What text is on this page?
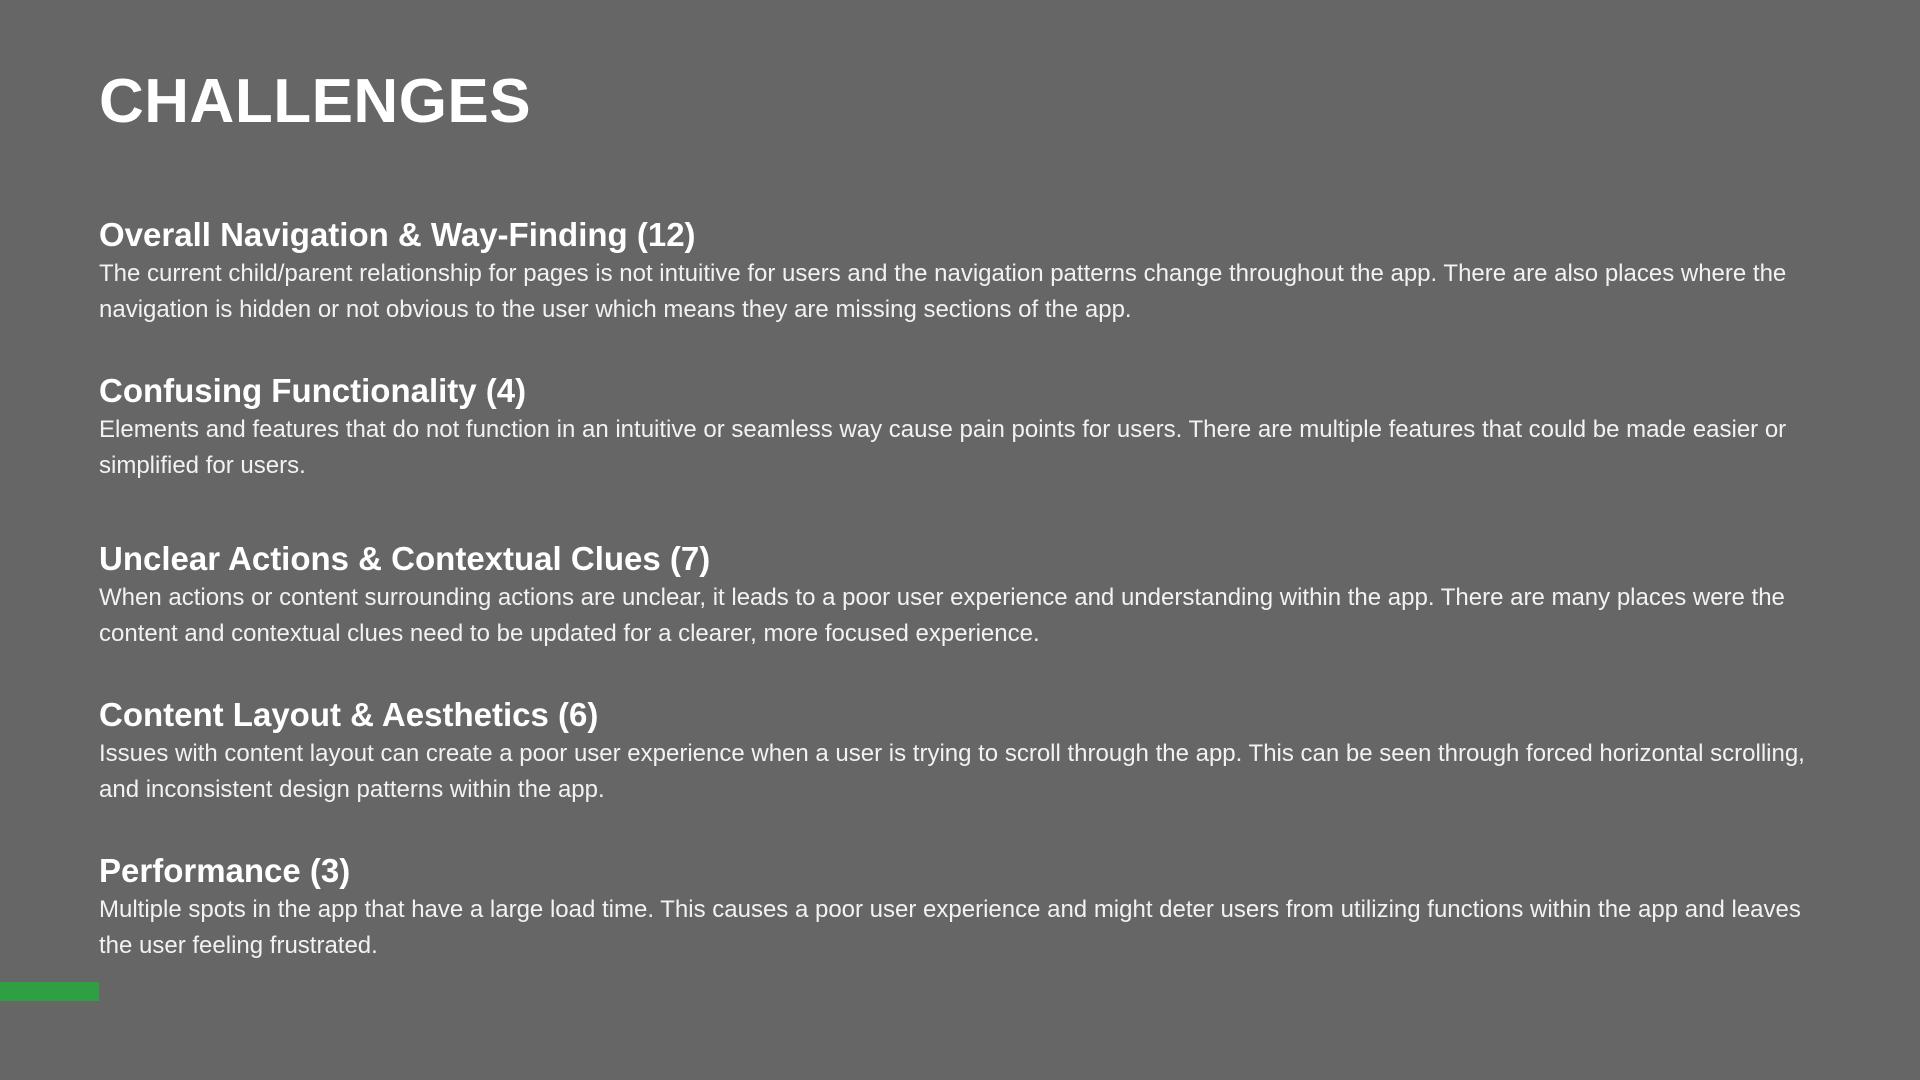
CHALLENGES
Overall Navigation & Way-Finding (12)

The current child/parent relationship for pages is not intuitive for users and the navigation patterns change throughout the app. There are also places where the navigation is hidden or not obvious to the user which means they are missing sections of the app.

Confusing Functionality (4)

Elements and features that do not function in an intuitive or seamless way cause pain points for users. There are multiple features that could be made easier or simplified for users.

Unclear Actions & Contextual Clues (7)

When actions or content surrounding actions are unclear, it leads to a poor user experience and understanding within the app. There are many places were the content and contextual clues need to be updated for a clearer, more focused experience.

Content Layout & Aesthetics (6)

Issues with content layout can create a poor user experience when a user is trying to scroll through the app. This can be seen through forced horizontal scrolling, and inconsistent design patterns within the app.

Performance (3)

Multiple spots in the app that have a large load time. This causes a poor user experience and might deter users from utilizing functions within the app and leaves the user feeling frustrated.
